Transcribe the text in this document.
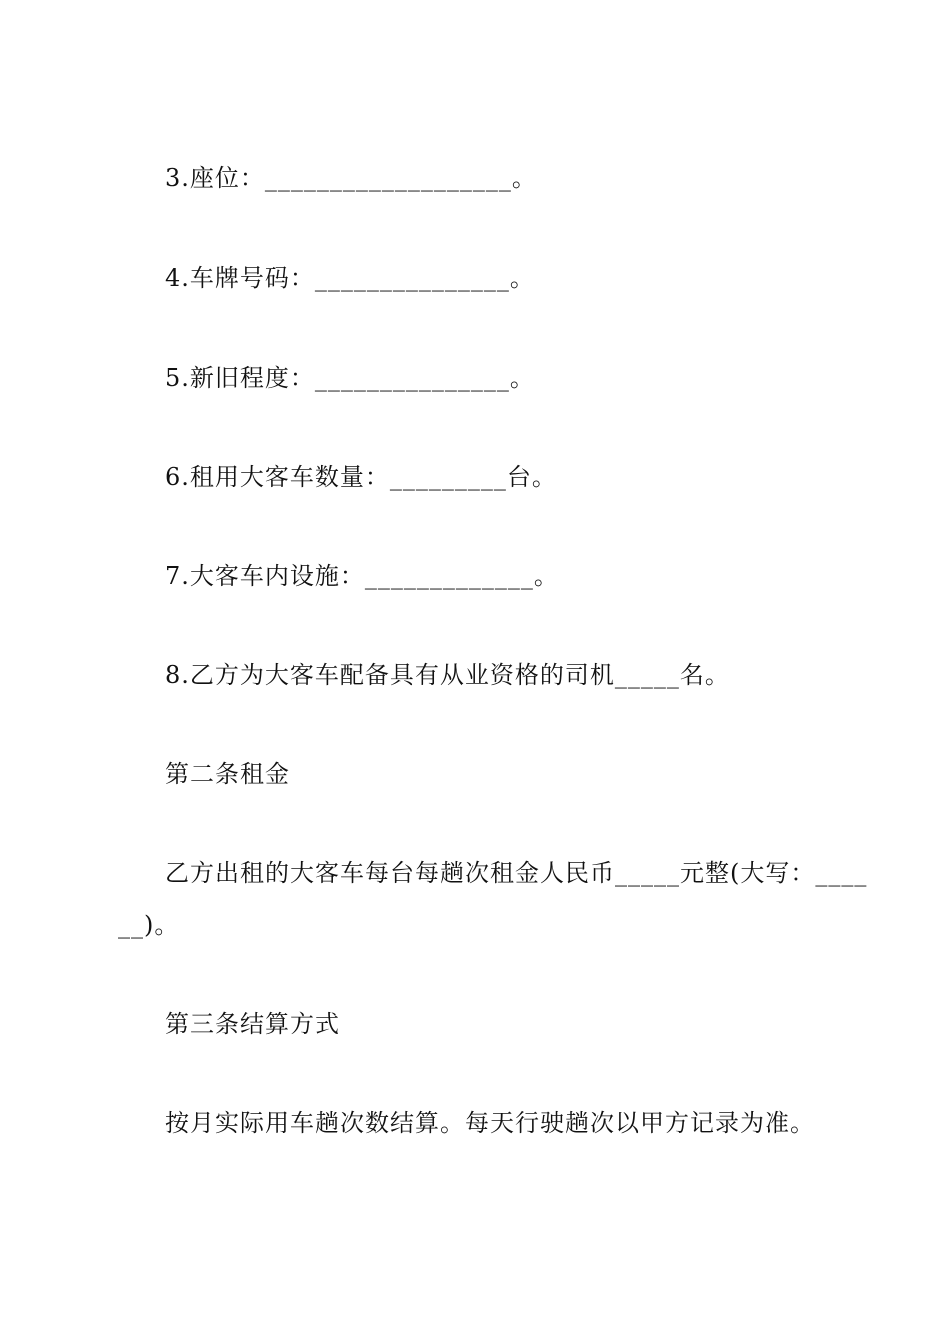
3.座位：___________________。
4.车牌号码：_______________。
5.新旧程度：_______________。
6.租用大客车数量：_________台。
7.大客车内设施：_____________。
8.乙方为大客车配备具有从业资格的司机_____名。
第二条租金
乙方出租的大客车每台每趟次租金人民币_____元整(大写：____
__)。
第三条结算方式
按月实际用车趟次数结算。每天行驶趟次以甲方记录为准。
